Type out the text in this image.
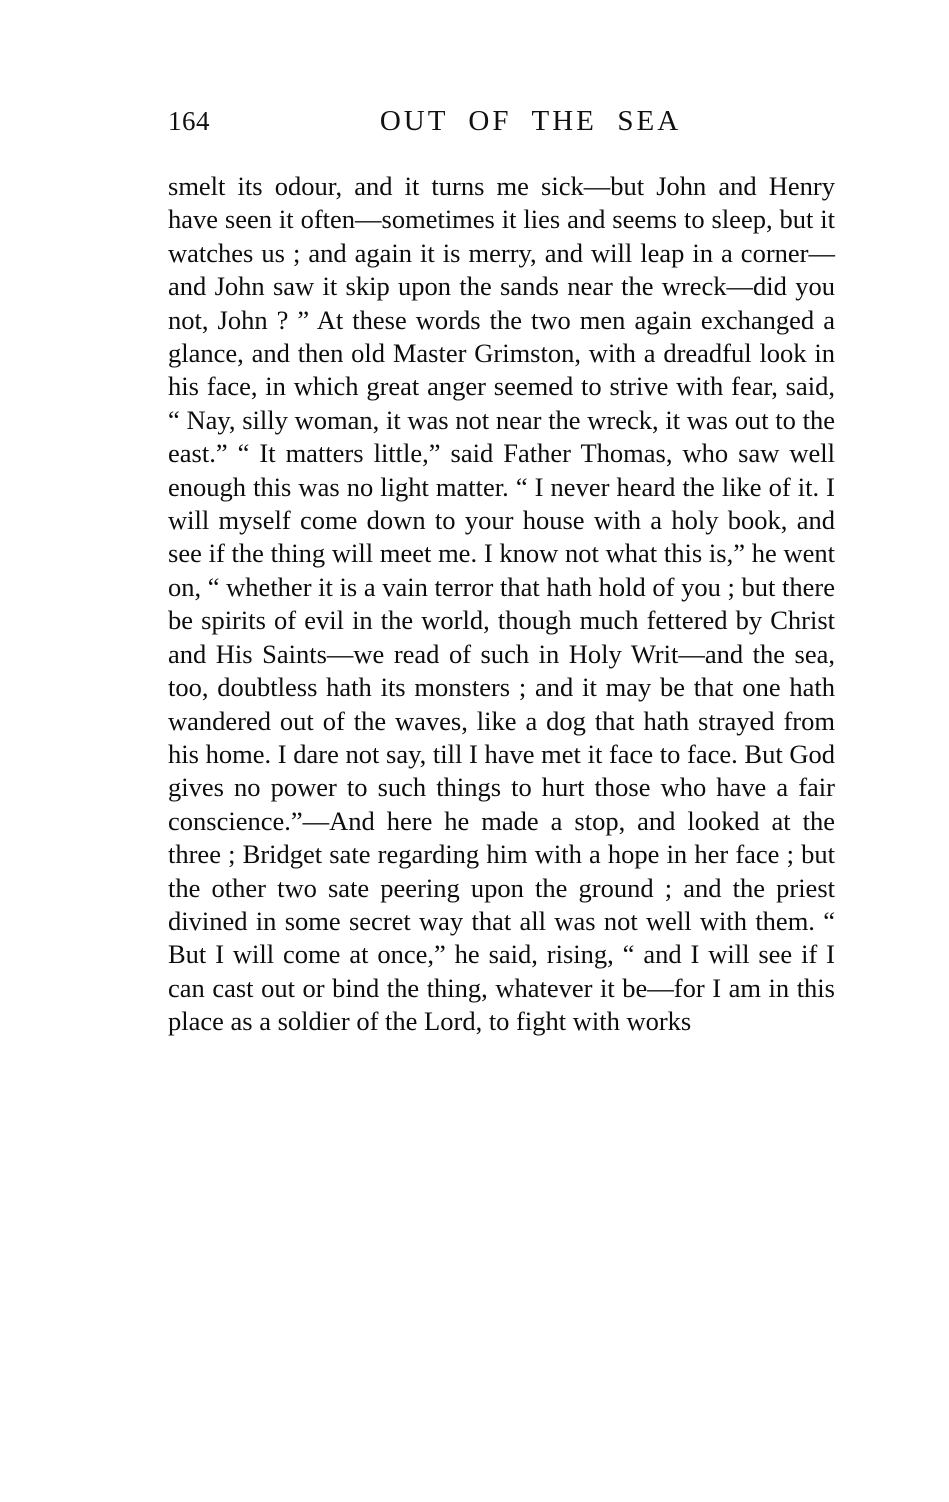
164	OUT  OF  THE  SEA

smelt its odour, and it turns me sick—but John and Henry have seen it often—sometimes it lies and seems to sleep, but it watches us ; and again it is merry, and will leap in a corner—and John saw it skip upon the sands near the wreck—did you not, John ? ” At these words the two men again exchanged a glance, and then old Master Grimston, with a dreadful look in his face, in which great anger seemed to strive with fear, said, “ Nay, silly woman, it was not near the wreck, it was out to the east.” “ It matters little,” said Father Thomas, who saw well enough this was no light matter. “ I never heard the like of it. I will myself come down to your house with a holy book, and see if the thing will meet me. I know not what this is,” he went on, “ whether it is a vain terror that hath hold of you ; but there be spirits of evil in the world, though much fettered by Christ and His Saints—we read of such in Holy Writ—and the sea, too, doubtless hath its monsters ; and it may be that one hath wandered out of the waves, like a dog that hath strayed from his home. I dare not say, till I have met it face to face. But God gives no power to such things to hurt those who have a fair conscience.”—And here he made a stop, and looked at the three ; Bridget sate regarding him with a hope in her face ; but the other two sate peering upon the ground ; and the priest divined in some secret way that all was not well with them. “ But I will come at once,” he said, rising, “ and I will see if I can cast out or bind the thing, whatever it be—for I am in this place as a soldier of the Lord, to fight with works
